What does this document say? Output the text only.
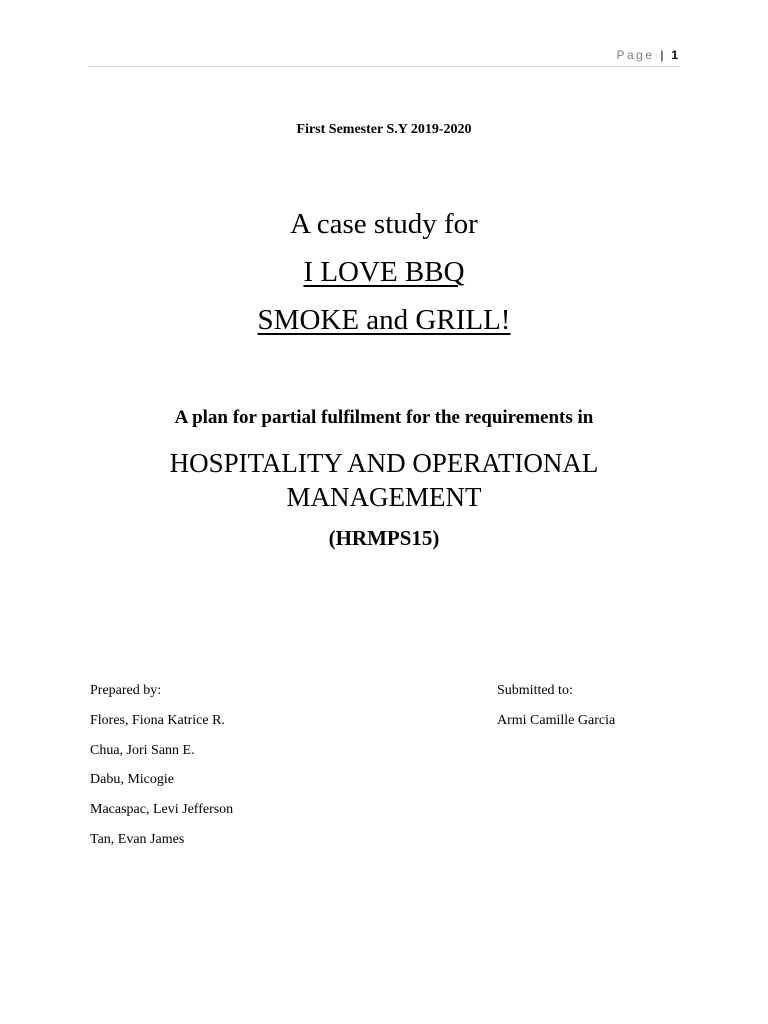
Page | 1
First Semester S.Y 2019-2020
A case study for
I LOVE BBQ
SMOKE and GRILL!
A plan for partial fulfilment for the requirements in
HOSPITALITY AND OPERATIONAL
MANAGEMENT
(HRMPS15)
Prepared by:
Flores, Fiona Katrice R.
Chua, Jori Sann E.
Dabu, Micogie
Macaspac, Levi Jefferson
Tan, Evan James
Submitted to:
Armi Camille Garcia
